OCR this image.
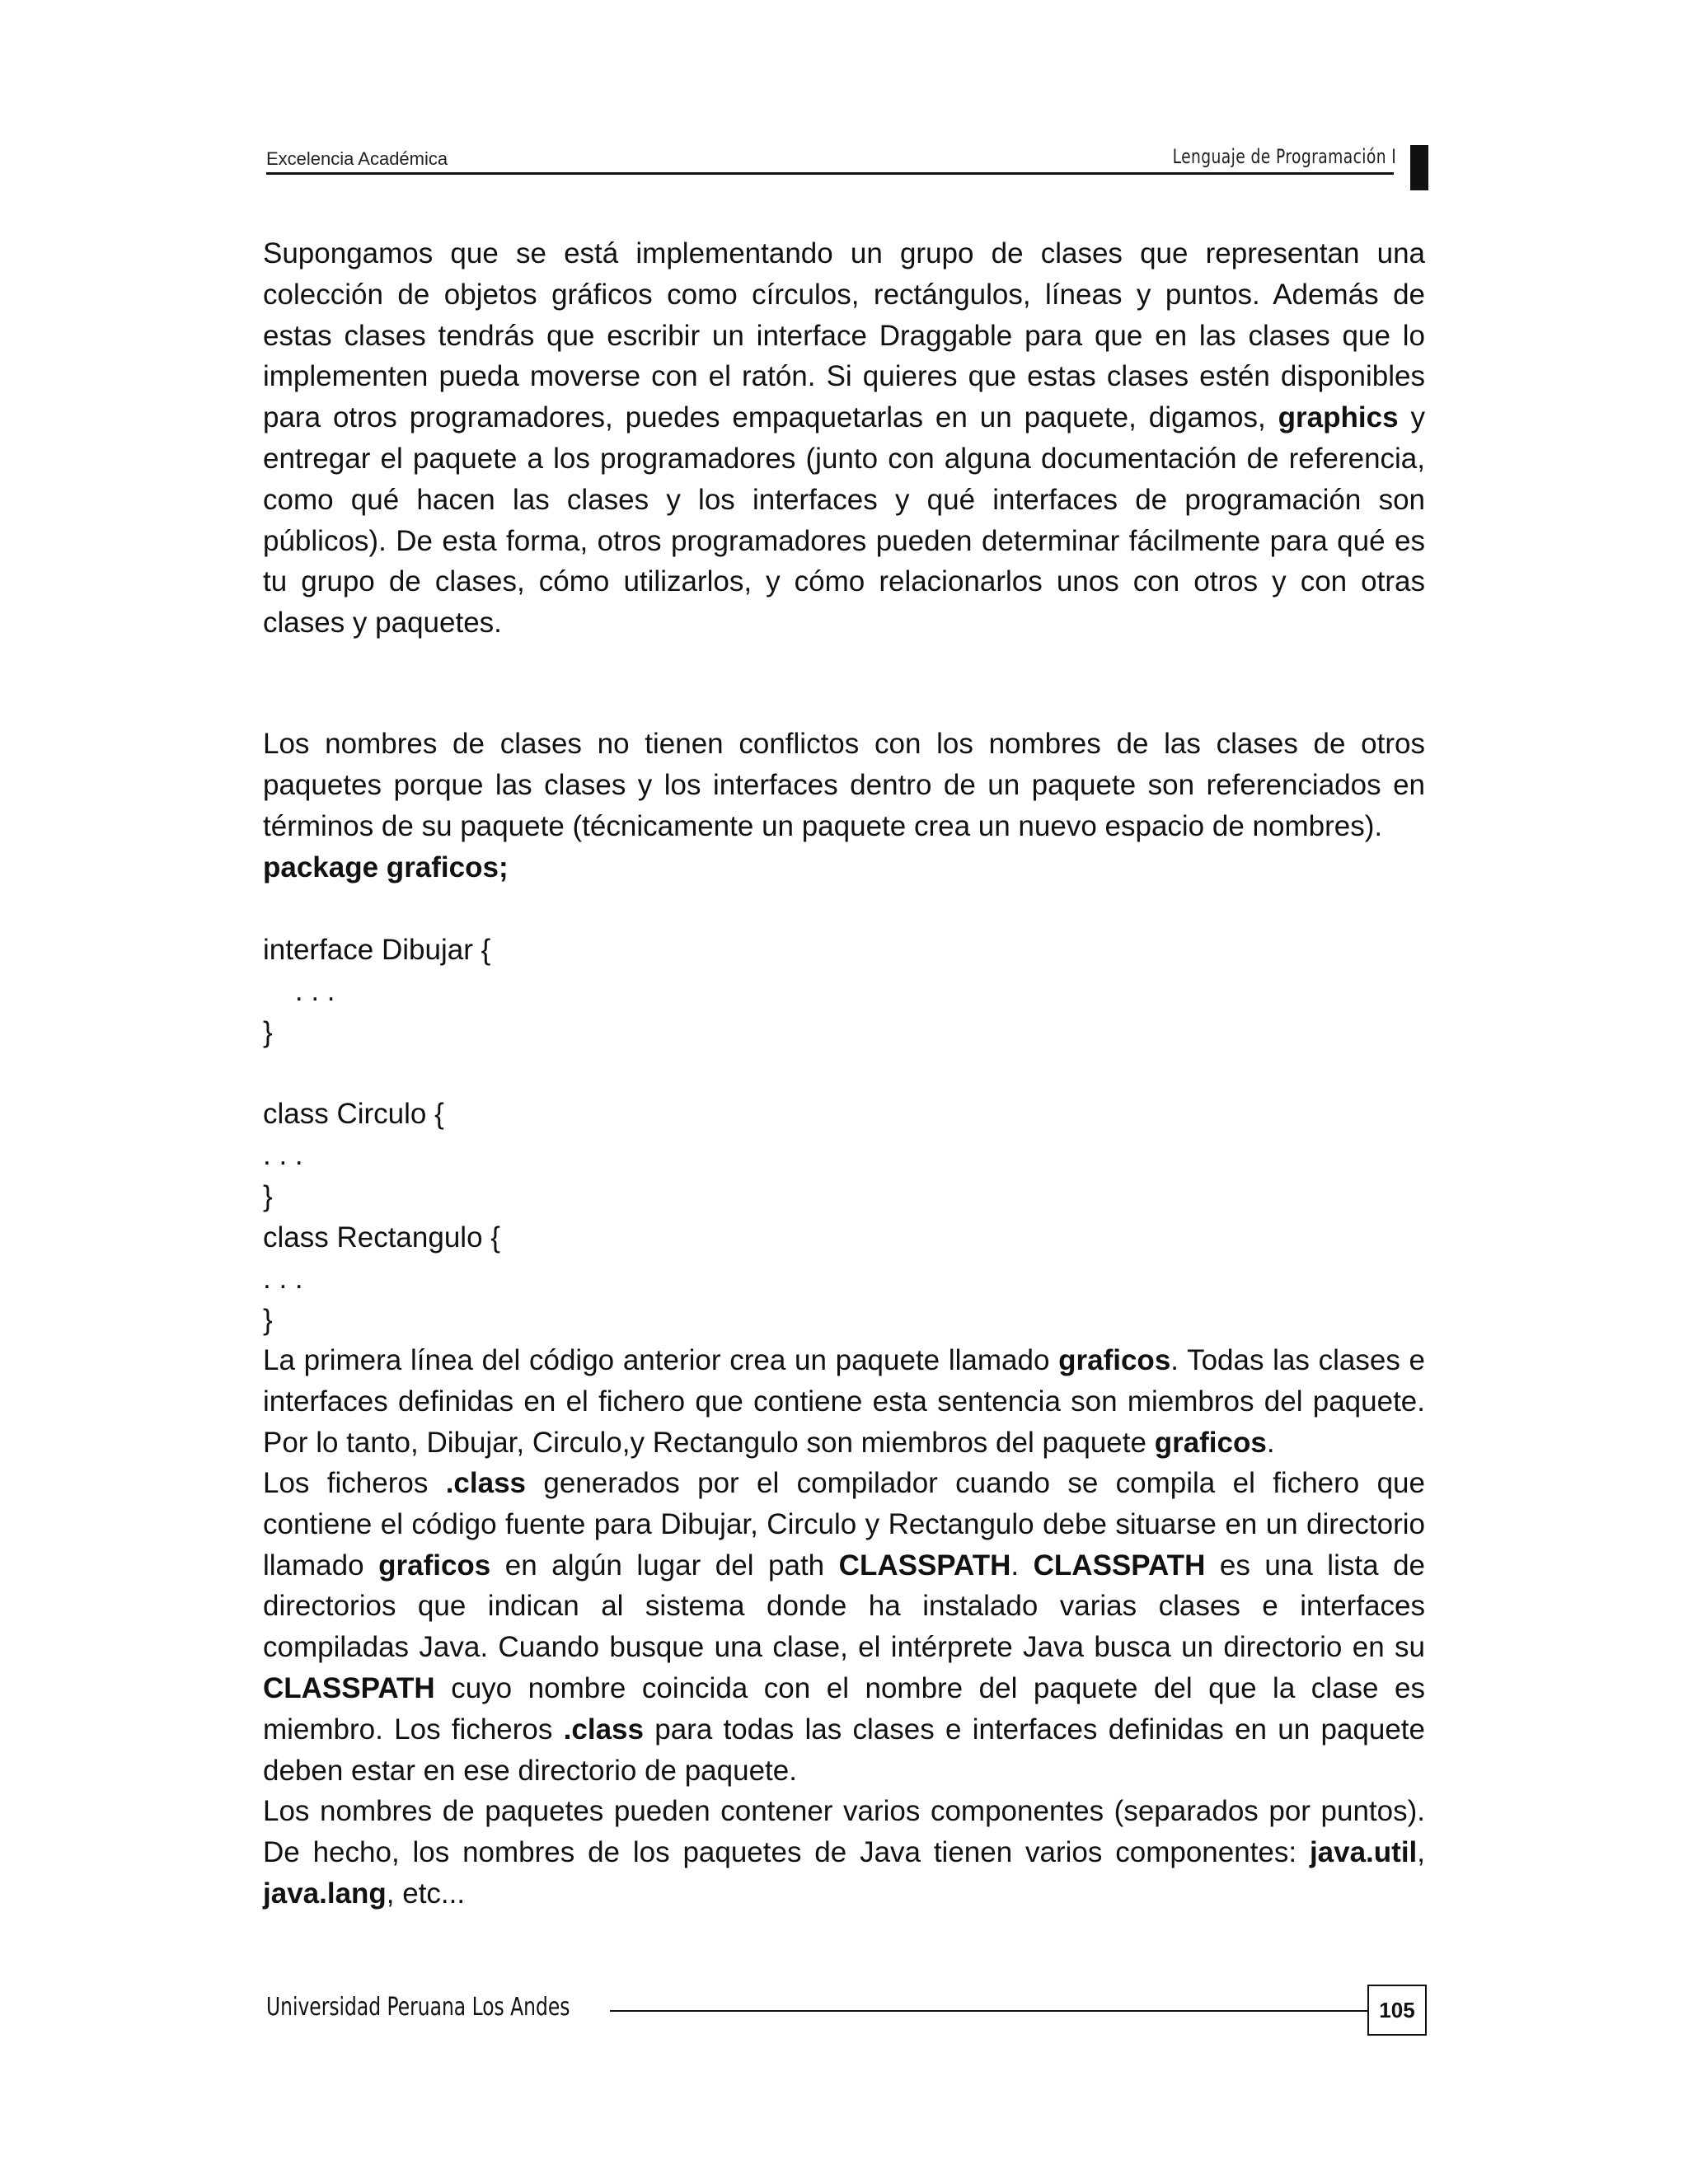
Excelencia Académica	Lenguaje de Programación I

Supongamos que se está implementando un grupo de clases que representan una colección de objetos gráficos como círculos, rectángulos, líneas y puntos. Además de estas clases tendrás que escribir un interface Draggable para que en las clases que lo implementen pueda moverse con el ratón. Si quieres que estas clases estén disponibles para otros programadores, puedes empaquetarlas en un paquete, digamos, graphics y entregar el paquete a los programadores (junto con alguna documentación de referencia, como qué hacen las clases y los interfaces y qué interfaces de programación son públicos). De esta forma, otros programadores pueden determinar fácilmente para qué es tu grupo de clases, cómo utilizarlos, y cómo relacionarlos unos con otros y con otras clases y paquetes.

Los nombres de clases no tienen conflictos con los nombres de las clases de otros paquetes porque las clases y los interfaces dentro de un paquete son referenciados en términos de su paquete (técnicamente un paquete crea un nuevo espacio de nombres).

package graficos;
interface Dibujar {
. . .
}
class Circulo {
. . .
}
class Rectangulo {
. . .
}

La primera línea del código anterior crea un paquete llamado graficos. Todas las clases e interfaces definidas en el fichero que contiene esta sentencia son miembros del paquete. Por lo tanto, Dibujar, Circulo,y Rectangulo son miembros del paquete graficos.

Los ficheros .class generados por el compilador cuando se compila el fichero que contiene el código fuente para Dibujar, Circulo y Rectangulo debe situarse en un directorio llamado graficos en algún lugar del path CLASSPATH. CLASSPATH es una lista de directorios que indican al sistema donde ha instalado varias clases e interfaces compiladas Java. Cuando busque una clase, el intérprete Java busca un directorio en su CLASSPATH cuyo nombre coincida con el nombre del paquete del que la clase es miembro. Los ficheros .class para todas las clases e interfaces definidas en un paquete deben estar en ese directorio de paquete.

Los nombres de paquetes pueden contener varios componentes (separados por puntos). De hecho, los nombres de los paquetes de Java tienen varios componentes: java.util, java.lang, etc...

Universidad Peruana Los Andes	105
